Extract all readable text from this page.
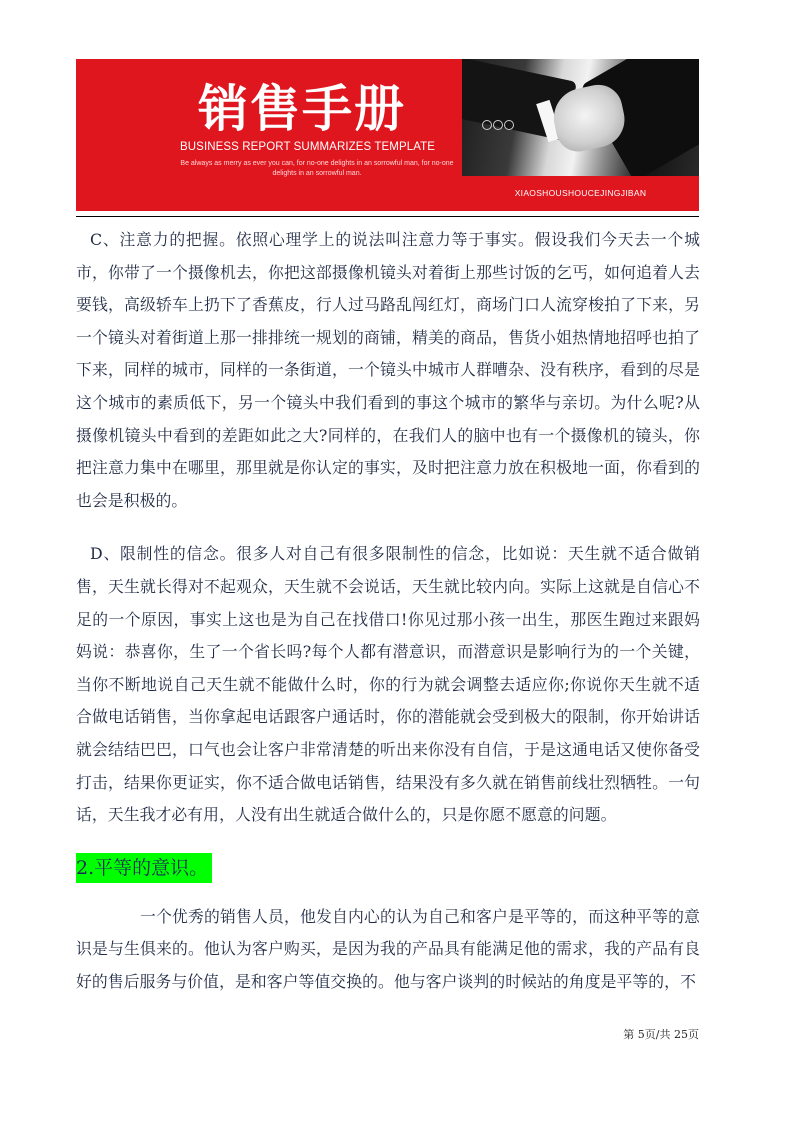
销售手册
BUSINESS REPORT SUMMARIZES TEMPLATE
Be always as merry as ever you can, for no-one delights in an sorrowful man, for no-one delights in an sorrowful man.
XIAOSHOUSHOUCEJINGJIBAN

C、注意力的把握。依照心理学上的说法叫注意力等于事实。假设我们今天去一个城市，你带了一个摄像机去，你把这部摄像机镜头对着街上那些讨饭的乞丐，如何追着人去要钱，高级轿车上扔下了香蕉皮，行人过马路乱闯红灯，商场门口人流穿梭拍了下来，另一个镜头对着街道上那一排排统一规划的商铺，精美的商品，售货小姐热情地招呼也拍了下来，同样的城市，同样的一条街道，一个镜头中城市人群嘈杂、没有秩序，看到的尽是这个城市的素质低下，另一个镜头中我们看到的事这个城市的繁华与亲切。为什么呢?从摄像机镜头中看到的差距如此之大?同样的，在我们人的脑中也有一个摄像机的镜头，你把注意力集中在哪里，那里就是你认定的事实，及时把注意力放在积极地一面，你看到的也会是积极的。

D、限制性的信念。很多人对自己有很多限制性的信念，比如说：天生就不适合做销售，天生就长得对不起观众，天生就不会说话，天生就比较内向。实际上这就是自信心不足的一个原因，事实上这也是为自己在找借口!你见过那小孩一出生，那医生跑过来跟妈妈说：恭喜你，生了一个省长吗?每个人都有潜意识，而潜意识是影响行为的一个关键，当你不断地说自己天生就不能做什么时，你的行为就会调整去适应你;你说你天生就不适合做电话销售，当你拿起电话跟客户通话时，你的潜能就会受到极大的限制，你开始讲话就会结结巴巴，口气也会让客户非常清楚的听出来你没有自信，于是这通电话又使你备受打击，结果你更证实，你不适合做电话销售，结果没有多久就在销售前线壮烈牺牲。一句话，天生我才必有用，人没有出生就适合做什么的，只是你愿不愿意的问题。

2.平等的意识。

一个优秀的销售人员，他发自内心的认为自己和客户是平等的，而这种平等的意识是与生俱来的。他认为客户购买，是因为我的产品具有能满足他的需求，我的产品有良好的售后服务与价值，是和客户等值交换的。他与客户谈判的时候站的角度是平等的，不

第 5页/共 25页
